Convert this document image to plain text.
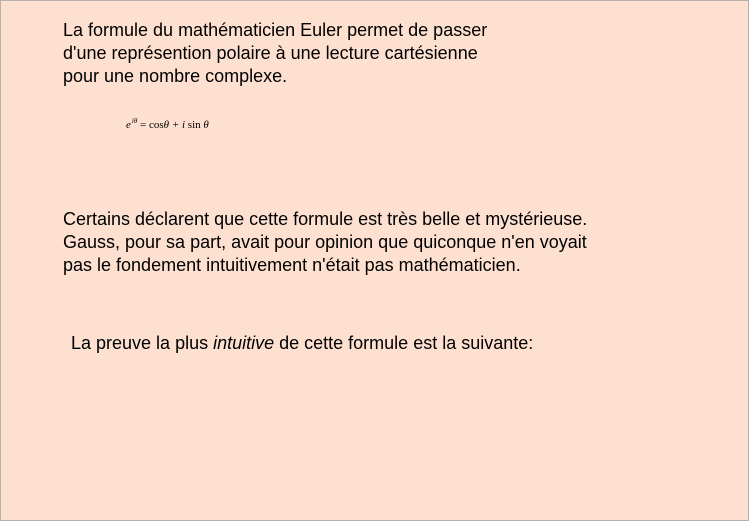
La formule du mathématicien Euler permet de passer
d'une représention polaire à une lecture cartésienne
pour une nombre complexe.

$e^{i\theta} = \cos\theta + i$ sin θ

Certains déclarent que cette formule est très belle et mystérieuse.
Gauss, pour sa part, avait pour opinion que quiconque n'en voyait
pas le fondement intuitivement n'était pas mathématicien.

La preuve la plus intuitive de cette formule est la suivante:
